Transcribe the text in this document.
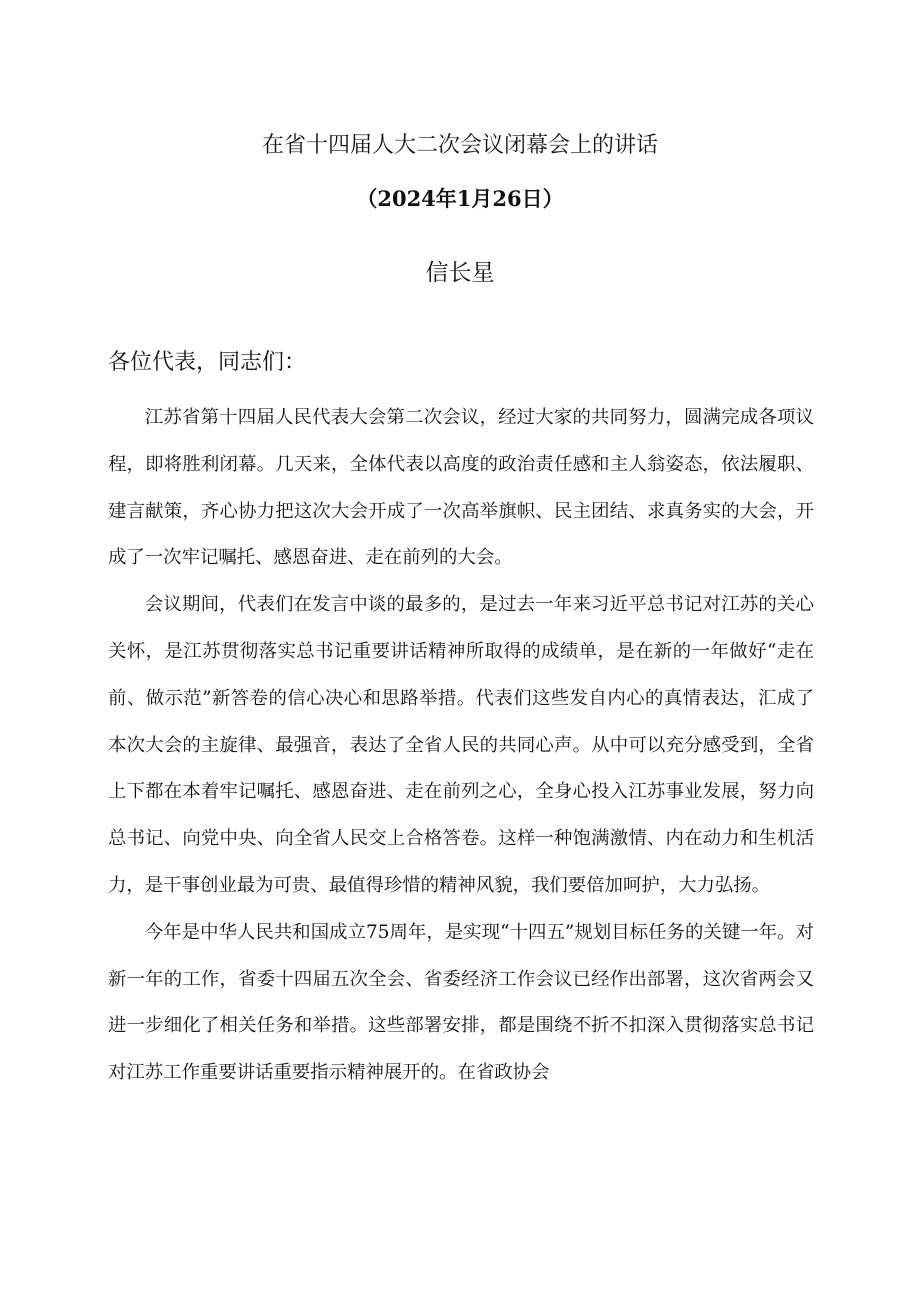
在省十四届人大二次会议闭幕会上的讲话
（2024年1月26日）
信长星
各位代表，同志们：

江苏省第十四届人民代表大会第二次会议，经过大家的共同努力，圆满完成各项议程，即将胜利闭幕。几天来，全体代表以高度的政治责任感和主人翁姿态，依法履职、建言献策，齐心协力把这次大会开成了一次高举旗帜、民主团结、求真务实的大会，开成了一次牢记嘱托、感恩奋进、走在前列的大会。

会议期间，代表们在发言中谈的最多的，是过去一年来习近平总书记对江苏的关心关怀，是江苏贯彻落实总书记重要讲话精神所取得的成绩单，是在新的一年做好“走在前、做示范”新答卷的信心决心和思路举措。代表们这些发自内心的真情表达，汇成了本次大会的主旋律、最强音，表达了全省人民的共同心声。从中可以充分感受到，全省上下都在本着牢记嘱托、感恩奋进、走在前列之心，全身心投入江苏事业发展，努力向总书记、向党中央、向全省人民交上合格答卷。这样一种饱满激情、内在动力和生机活力，是干事创业最为可贵、最值得珍惜的精神风貌，我们要倍加呵护，大力弘扬。

今年是中华人民共和国成立75周年，是实现“十四五”规划目标任务的关键一年。对新一年的工作，省委十四届五次全会、省委经济工作会议已经作出部署，这次省两会又进一步细化了相关任务和举措。这些部署安排，都是围绕不折不扣深入贯彻落实总书记对江苏工作重要讲话重要指示精神展开的。在省政协会
